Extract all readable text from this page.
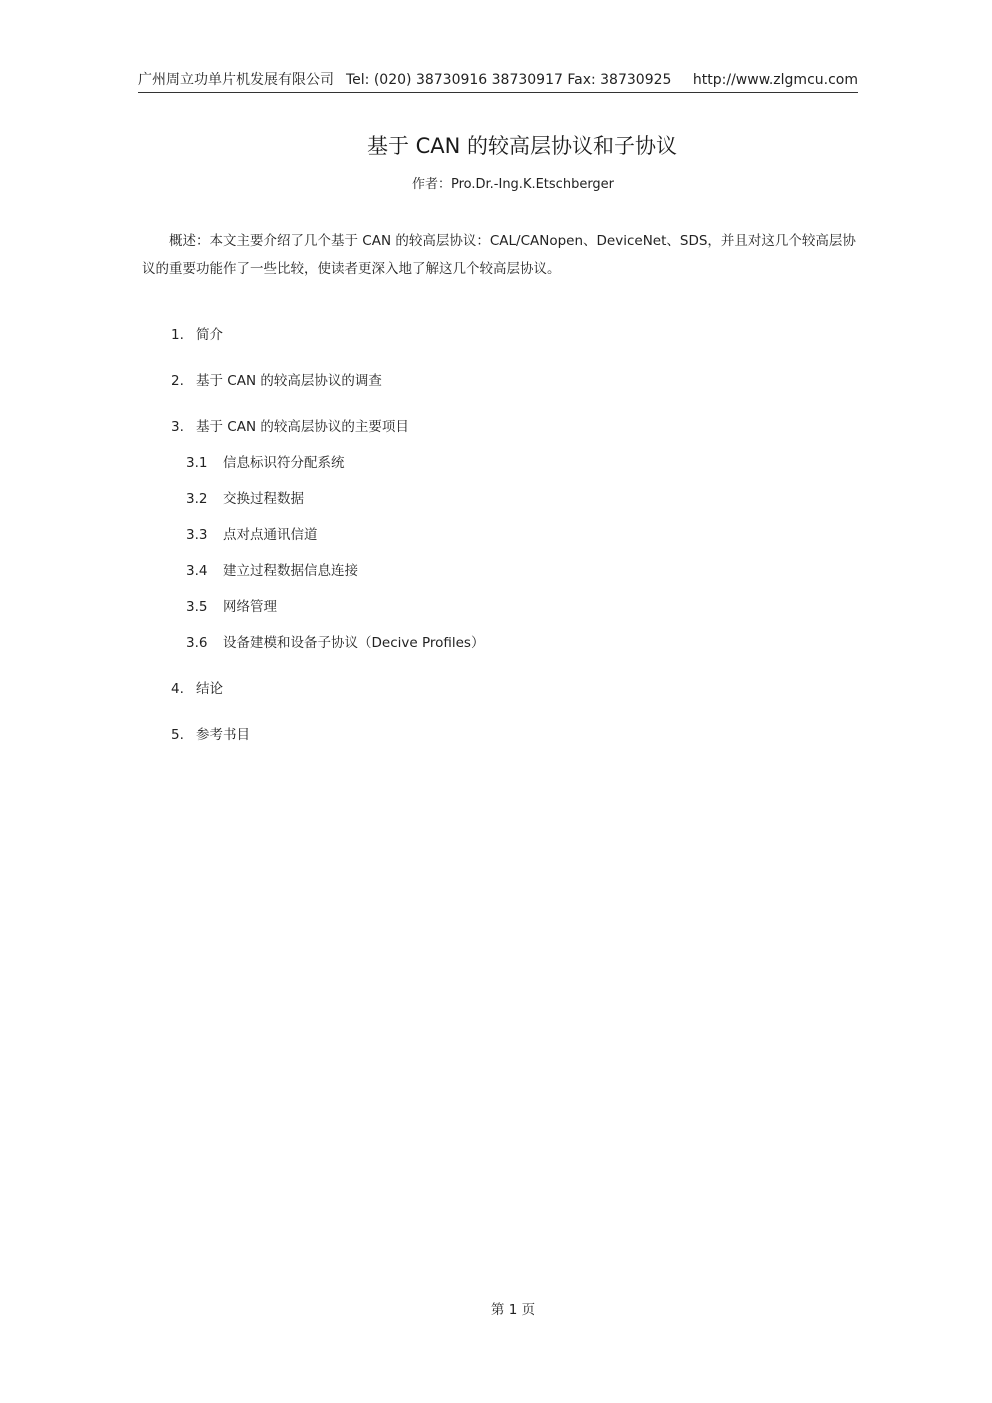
广州周立功单片机发展有限公司 Tel: (020) 38730916 38730917 Fax: 38730925	http://www.zlgmcu.com
基于 CAN 的较高层协议和子协议
作者：Pro.Dr.-Ing.K.Etschberger

概述：本文主要介绍了几个基于 CAN 的较高层协议：CAL/CANopen、DeviceNet、SDS，并且对这几个较高层协议的重要功能作了一些比较，使读者更深入地了解这几个较高层协议。

1. 简介
2. 基于 CAN 的较高层协议的调查
3. 基于 CAN 的较高层协议的主要项目
3.1 信息标识符分配系统
3.2 交换过程数据
3.3 点对点通讯信道
3.4 建立过程数据信息连接
3.5 网络管理
3.6 设备建模和设备子协议（Decive Profiles）
4. 结论
5. 参考书目
第 1 页
